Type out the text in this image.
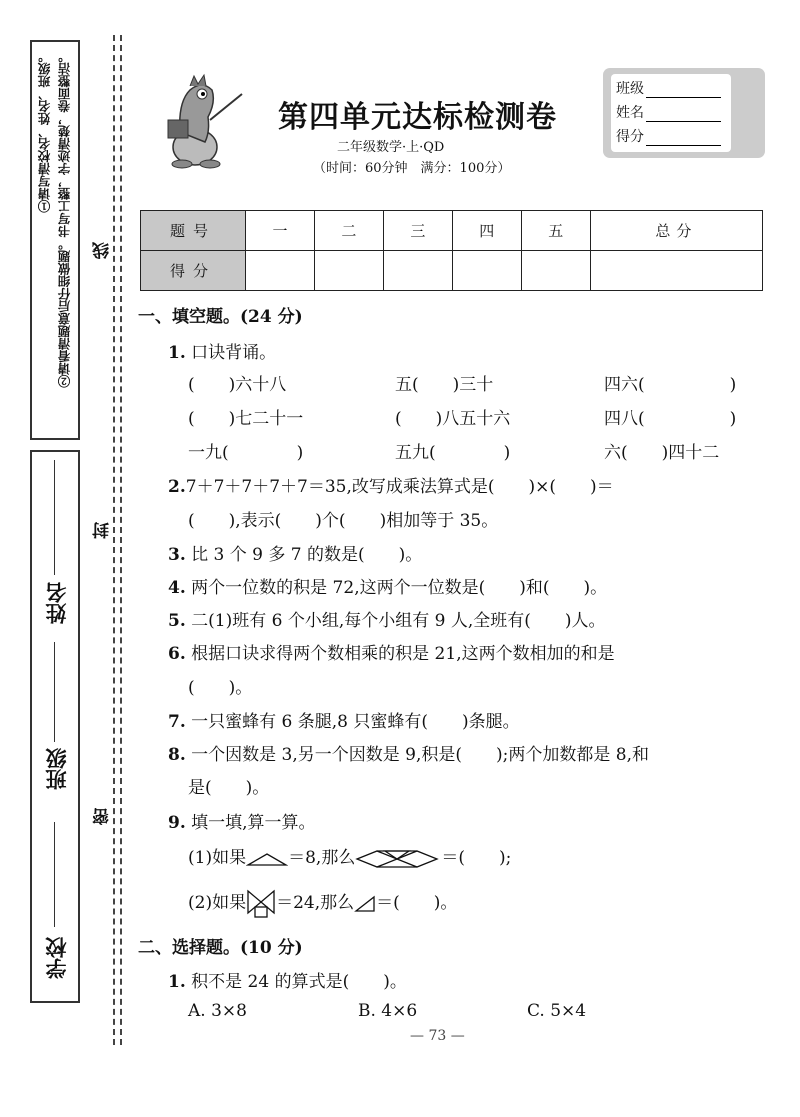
①请写清校名、姓名、班级。 ②请看清题意后仔细做题。书写工整，字迹清楚，卷面整洁。 线
学校
班级
姓名
封
密
第四单元达标检测卷
二年级数学·上·QD
（时间：60分钟　满分：100分）
班级
姓名
得分
题号	一	二	三	四	五	总分
得分						
一、填空题。(24 分)
1. 口诀背诵。
(　　)六十八	五(　　)三十	四六(　　　　　)
(　　)七二十一	(　　)八五十六	四八(　　　　　)
一九(　　　　)	五九(　　　　)	六(　　)四十二
2.7＋7＋7＋7＋7＝35,改写成乘法算式是(　　)×(　　)＝
(　　),表示(　　)个(　　)相加等于 35。
3. 比 3 个 9 多 7 的数是(　　)。
4. 两个一位数的积是 72,这两个一位数是(　　)和(　　)。
5. 二(1)班有 6 个小组,每个小组有 9 人,全班有(　　)人。
6. 根据口诀求得两个数相乘的积是 21,这两个数相加的和是
(　　)。
7. 一只蜜蜂有 6 条腿,8 只蜜蜂有(　　)条腿。
8. 一个因数是 3,另一个因数是 9,积是(　　);两个加数都是 8,和
是(　　)。
9. 填一填,算一算。
(1)如果 ＝8,那么	＝(　　);
(2)如果 ＝24,那么 ＝(　　)。
二、选择题。(10 分)
1. 积不是 24 的算式是(　　)。
A. 3×8	B. 4×6	C. 5×4
— 73 —
